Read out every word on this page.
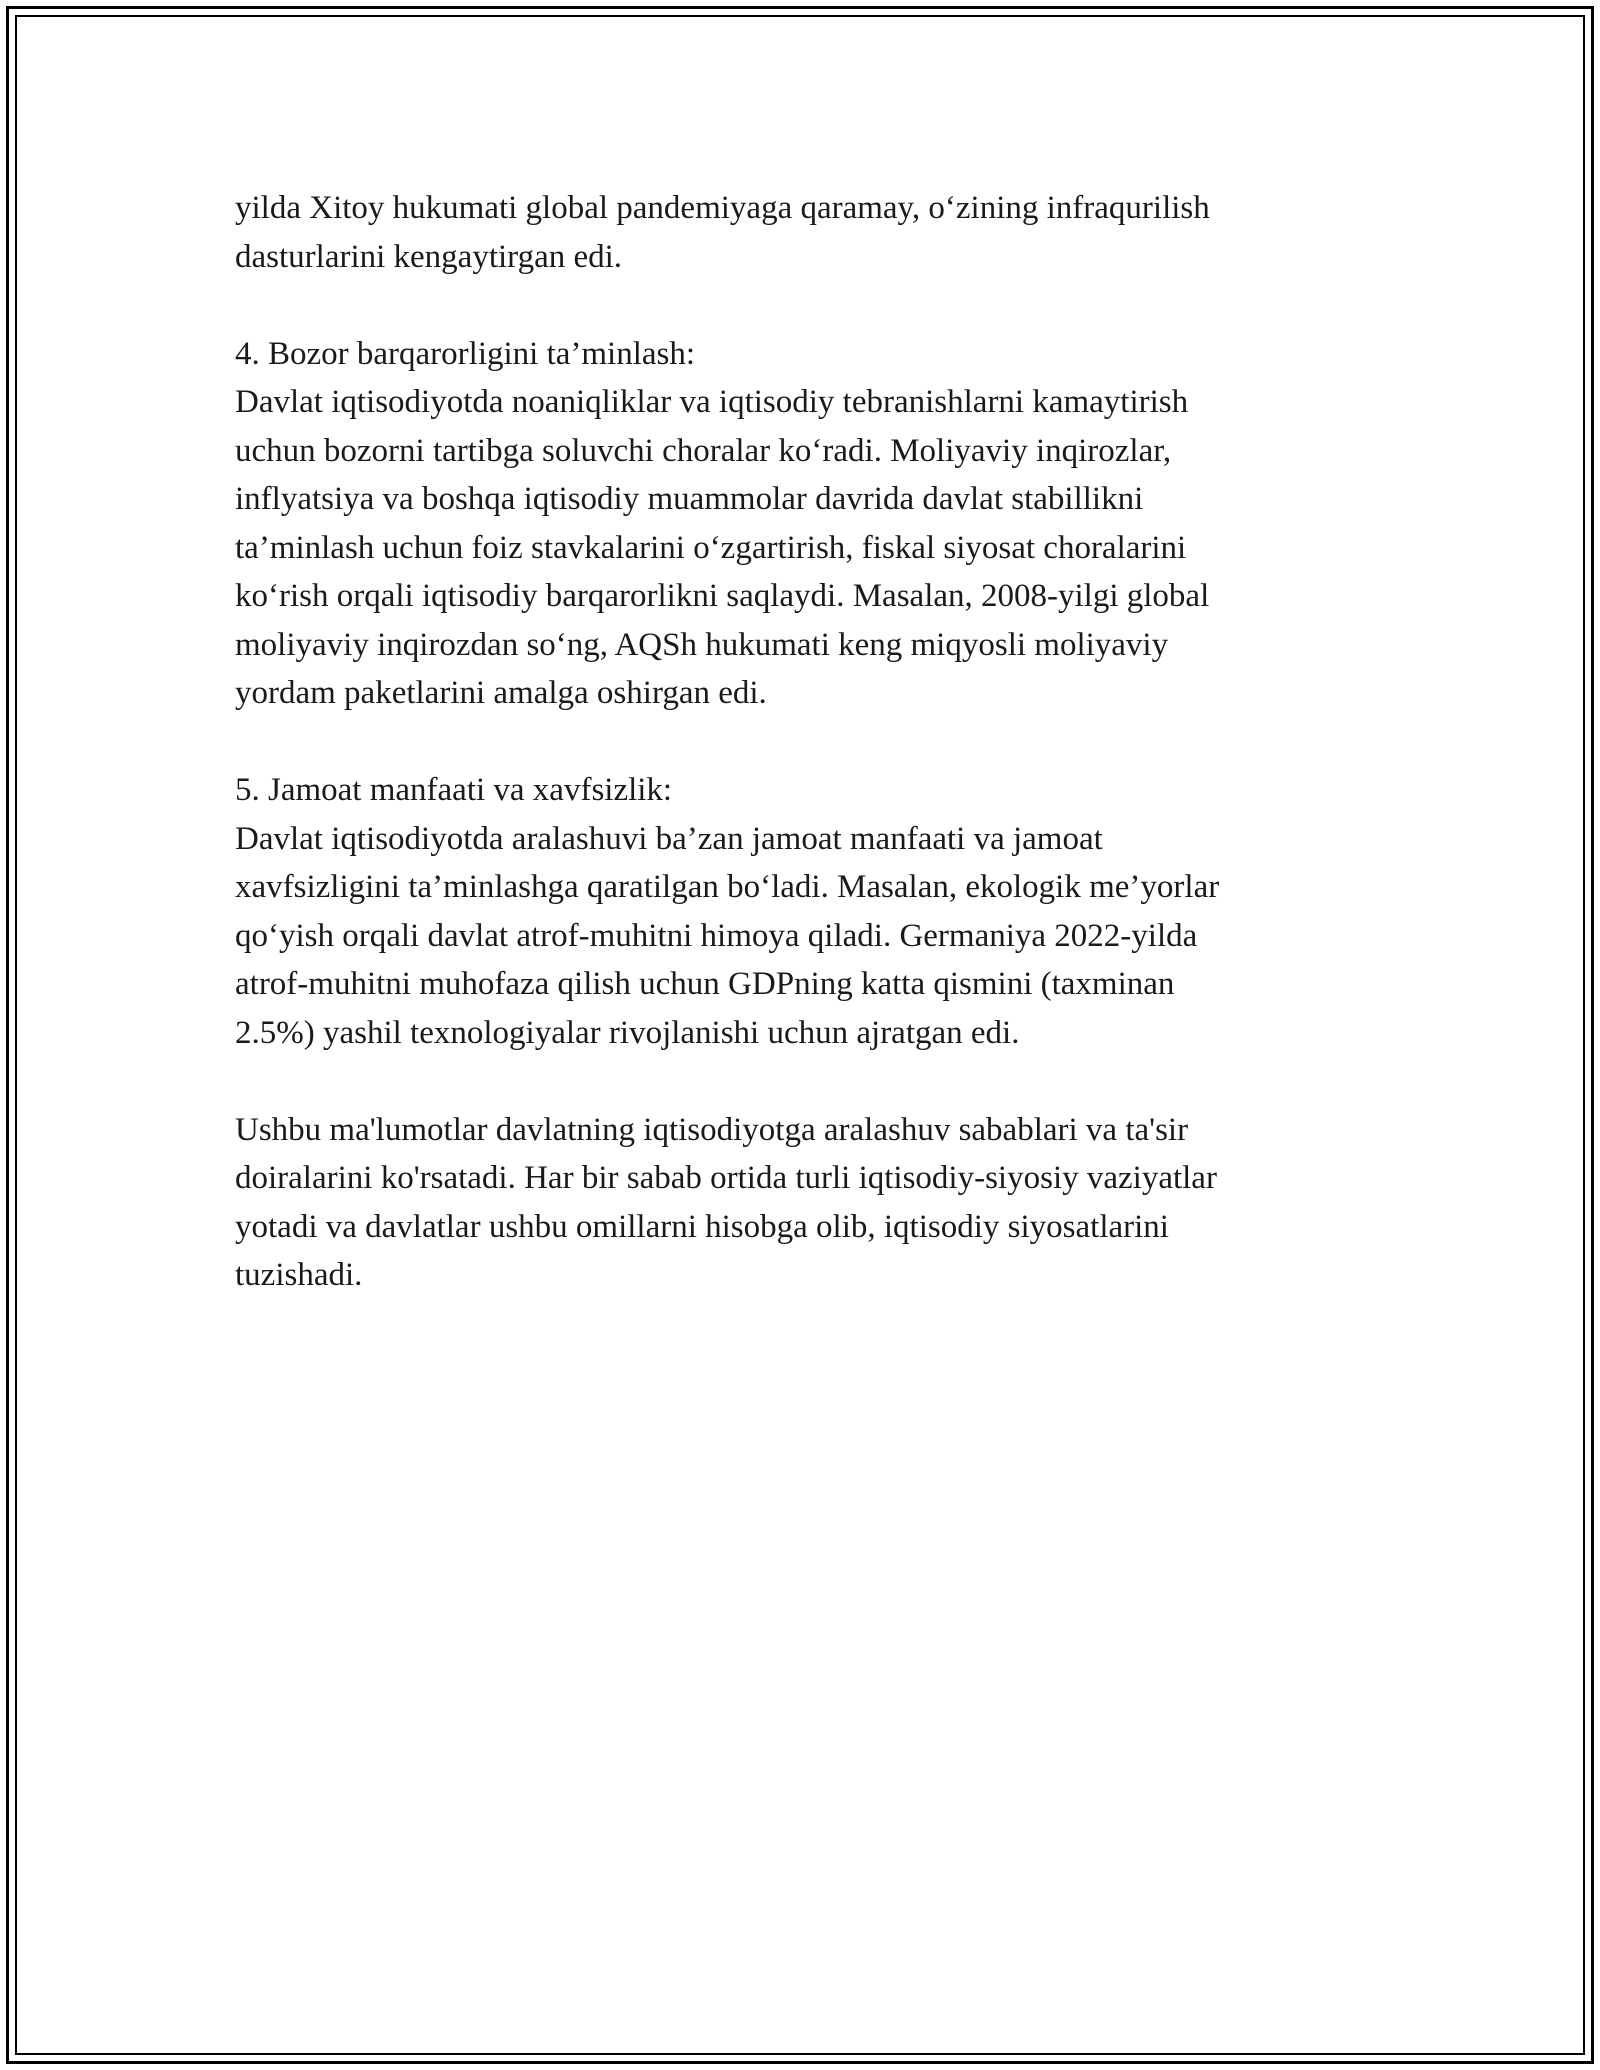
yilda Xitoy hukumati global pandemiyaga qaramay, o‘zining infraqurilish
dasturlarini kengaytirgan edi.

4. Bozor barqarorligini ta’minlash:

Davlat iqtisodiyotda noaniqliklar va iqtisodiy tebranishlarni kamaytirish
uchun bozorni tartibga soluvchi choralar ko‘radi. Moliyaviy inqirozlar,
inflyatsiya va boshqa iqtisodiy muammolar davrida davlat stabillikni
ta’minlash uchun foiz stavkalarini o‘zgartirish, fiskal siyosat choralarini
ko‘rish orqali iqtisodiy barqarorlikni saqlaydi. Masalan, 2008-yilgi global
moliyaviy inqirozdan so‘ng, AQSh hukumati keng miqyosli moliyaviy
yordam paketlarini amalga oshirgan edi.

5. Jamoat manfaati va xavfsizlik:

Davlat iqtisodiyotda aralashuvi ba’zan jamoat manfaati va jamoat
xavfsizligini ta’minlashga qaratilgan bo‘ladi. Masalan, ekologik me’yorlar
qo‘yish orqali davlat atrof-muhitni himoya qiladi. Germaniya 2022-yilda
atrof-muhitni muhofaza qilish uchun GDPning katta qismini (taxminan
2.5%) yashil texnologiyalar rivojlanishi uchun ajratgan edi.

Ushbu ma'lumotlar davlatning iqtisodiyotga aralashuv sabablari va ta'sir
doiralarini ko'rsatadi. Har bir sabab ortida turli iqtisodiy-siyosiy vaziyatlar
yotadi va davlatlar ushbu omillarni hisobga olib, iqtisodiy siyosatlarini
tuzishadi.
